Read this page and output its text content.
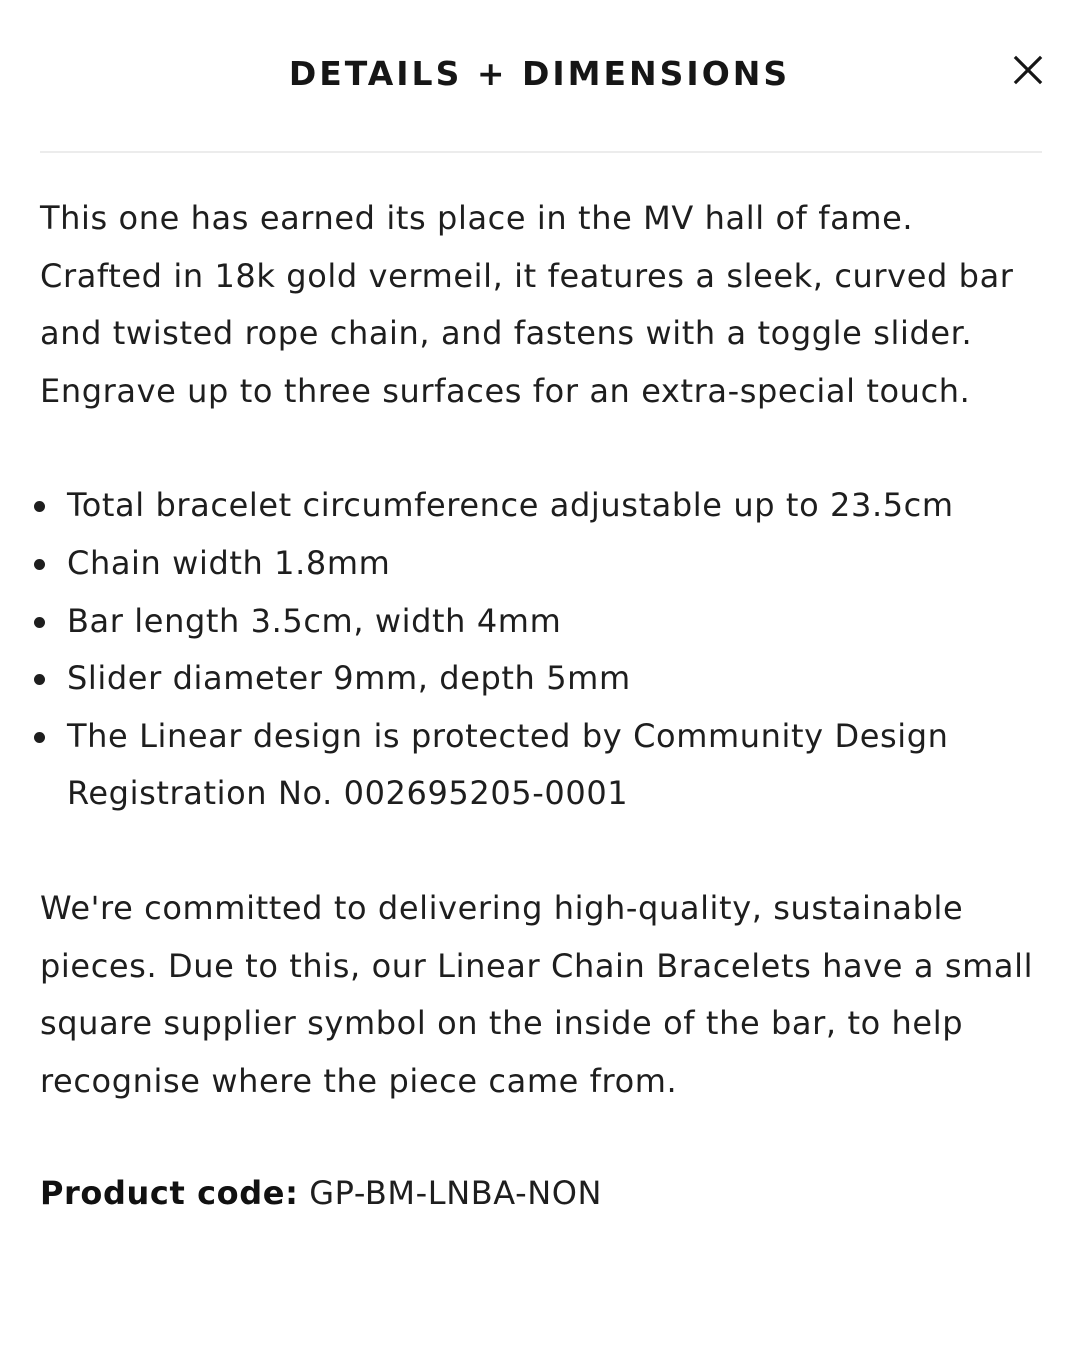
DETAILS + DIMENSIONS

This one has earned its place in the MV hall of fame. Crafted in 18k gold vermeil, it features a sleek, curved bar and twisted rope chain, and fastens with a toggle slider. Engrave up to three surfaces for an extra-special touch.

Total bracelet circumference adjustable up to 23.5cm
Chain width 1.8mm
Bar length 3.5cm, width 4mm
Slider diameter 9mm, depth 5mm
The Linear design is protected by Community Design Registration No. 002695205-0001

We're committed to delivering high-quality, sustainable pieces. Due to this, our Linear Chain Bracelets have a small square supplier symbol on the inside of the bar, to help recognise where the piece came from.

Product code: GP-BM-LNBA-NON
